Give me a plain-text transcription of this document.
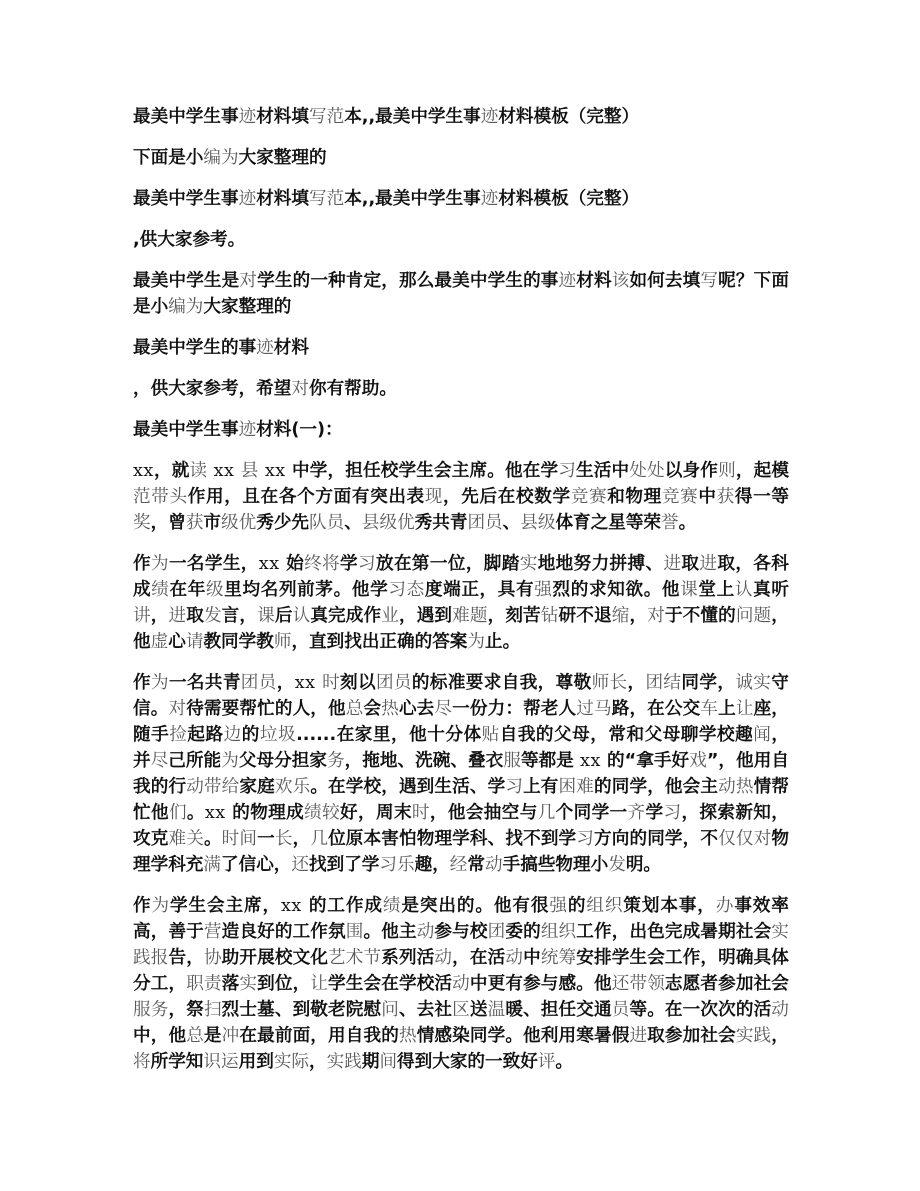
最美中学生事迹材料填写范本,,最美中学生事迹材料模板（完整）

下面是小编为大家整理的

最美中学生事迹材料填写范本,,最美中学生事迹材料模板（完整）

,供大家参考。

最美中学生是对学生的一种肯定，那么最美中学生的事迹材料该如何去填写呢？下面是小编为大家整理的

最美中学生的事迹材料

，供大家参考，希望对你有帮助。

最美中学生事迹材料(一)：

xx，就读 xx 县 xx 中学，担任校学生会主席。他在学习生活中处处以身作则，起模范带头作用，且在各个方面有突出表现，先后在校数学竞赛和物理竞赛中获得一等奖，曾获市级优秀少先队员、县级优秀共青团员、县级体育之星等荣誉。

作为一名学生，xx 始终将学习放在第一位，脚踏实地地努力拼搏、进取进取，各科成绩在年级里均名列前茅。他学习态度端正，具有强烈的求知欲。他课堂上认真听讲，进取发言，课后认真完成作业，遇到难题，刻苦钻研不退缩，对于不懂的问题，他虚心请教同学教师，直到找出正确的答案为止。

作为一名共青团员，xx 时刻以团员的标准要求自我，尊敬师长，团结同学，诚实守信。对待需要帮忙的人，他总会热心去尽一份力：帮老人过马路，在公交车上让座，随手捡起路边的垃圾......在家里，他十分体贴自我的父母，常和父母聊学校趣闻，并尽己所能为父母分担家务，拖地、洗碗、叠衣服等都是 xx 的“拿手好戏”，他用自我的行动带给家庭欢乐。在学校，遇到生活、学习上有困难的同学，他会主动热情帮忙他们。xx 的物理成绩较好，周末时，他会抽空与几个同学一齐学习，探索新知，攻克难关。时间一长，几位原本害怕物理学科、找不到学习方向的同学，不仅仅对物理学科充满了信心，还找到了学习乐趣，经常动手搞些物理小发明。

作为学生会主席，xx 的工作成绩是突出的。他有很强的组织策划本事，办事效率高，善于营造良好的工作氛围。他主动参与校团委的组织工作，出色完成暑期社会实践报告，协助开展校文化艺术节系列活动，在活动中统筹安排学生会工作，明确具体分工，职责落实到位，让学生会在学校活动中更有参与感。他还带领志愿者参加社会服务，祭扫烈士墓、到敬老院慰问、去社区送温暖、担任交通员等。在一次次的活动中，他总是冲在最前面，用自我的热情感染同学。他利用寒暑假进取参加社会实践，将所学知识运用到实际，实践期间得到大家的一致好评。
